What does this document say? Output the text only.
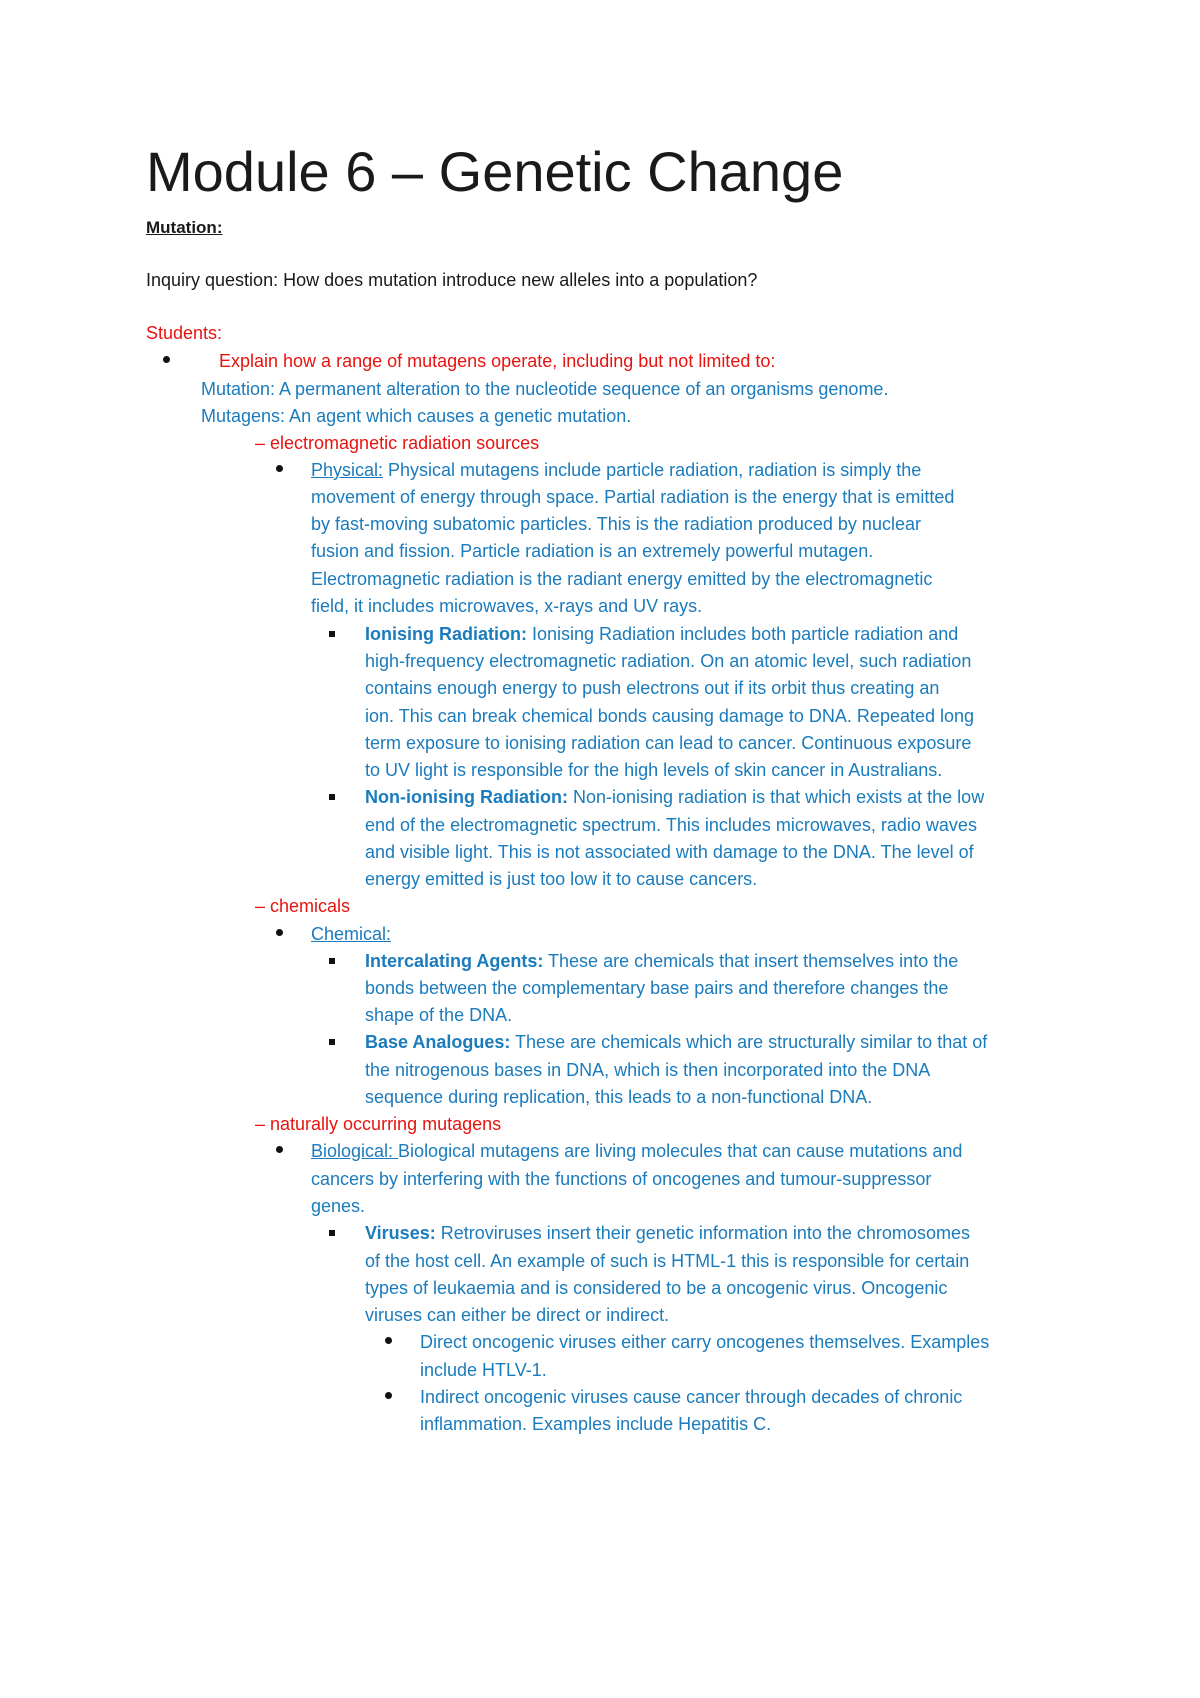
Module 6 – Genetic Change
Mutation:
Inquiry question: How does mutation introduce new alleles into a population?
Students:
Explain how a range of mutagens operate, including but not limited to:
Mutation: A permanent alteration to the nucleotide sequence of an organisms genome.
Mutagens: An agent which causes a genetic mutation.
– electromagnetic radiation sources
Physical: Physical mutagens include particle radiation, radiation is simply the
movement of energy through space. Partial radiation is the energy that is emitted
by fast-moving subatomic particles. This is the radiation produced by nuclear
fusion and fission. Particle radiation is an extremely powerful mutagen.
Electromagnetic radiation is the radiant energy emitted by the electromagnetic
field, it includes microwaves, x-rays and UV rays.
Ionising Radiation: Ionising Radiation includes both particle radiation and
high-frequency electromagnetic radiation. On an atomic level, such radiation
contains enough energy to push electrons out if its orbit thus creating an
ion. This can break chemical bonds causing damage to DNA. Repeated long
term exposure to ionising radiation can lead to cancer. Continuous exposure
to UV light is responsible for the high levels of skin cancer in Australians.
Non-ionising Radiation: Non-ionising radiation is that which exists at the low
end of the electromagnetic spectrum. This includes microwaves, radio waves
and visible light. This is not associated with damage to the DNA. The level of
energy emitted is just too low it to cause cancers.
– chemicals
Chemical:
Intercalating Agents: These are chemicals that insert themselves into the
bonds between the complementary base pairs and therefore changes the
shape of the DNA.
Base Analogues: These are chemicals which are structurally similar to that of
the nitrogenous bases in DNA, which is then incorporated into the DNA
sequence during replication, this leads to a non-functional DNA.
– naturally occurring mutagens
Biological: Biological mutagens are living molecules that can cause mutations and
cancers by interfering with the functions of oncogenes and tumour-suppressor
genes.
Viruses: Retroviruses insert their genetic information into the chromosomes
of the host cell. An example of such is HTML-1 this is responsible for certain
types of leukaemia and is considered to be a oncogenic virus. Oncogenic
viruses can either be direct or indirect.
Direct oncogenic viruses either carry oncogenes themselves. Examples
include HTLV-1.
Indirect oncogenic viruses cause cancer through decades of chronic
inflammation. Examples include Hepatitis C.
